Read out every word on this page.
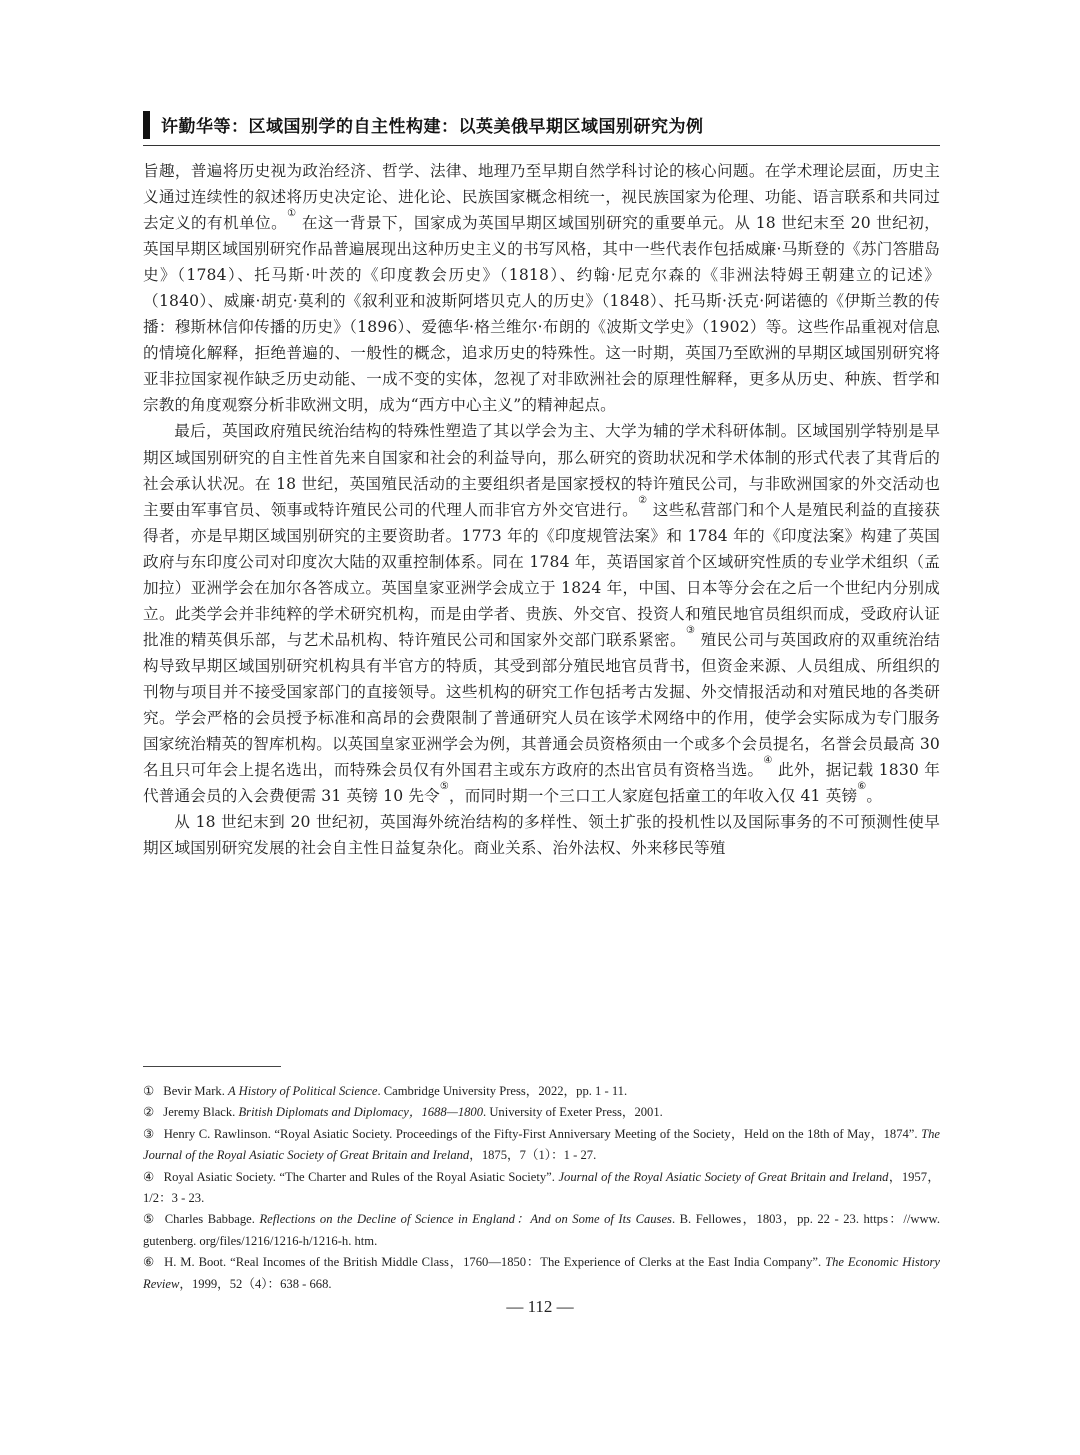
许勤华等：区域国别学的自主性构建：以英美俄早期区域国别研究为例

旨趣，普遍将历史视为政治经济、哲学、法律、地理乃至早期自然学科讨论的核心问题。在学术理论层面，历史主义通过连续性的叙述将历史决定论、进化论、民族国家概念相统一，视民族国家为伦理、功能、语言联系和共同过去定义的有机单位。① 在这一背景下，国家成为英国早期区域国别研究的重要单元。从 18 世纪末至 20 世纪初，英国早期区域国别研究作品普遍展现出这种历史主义的书写风格，其中一些代表作包括威廉·马斯登的《苏门答腊岛史》（1784）、托马斯·叶茨的《印度教会历史》（1818）、约翰·尼克尔森的《非洲法特姆王朝建立的记述》（1840）、威廉·胡克·莫利的《叙利亚和波斯阿塔贝克人的历史》（1848）、托马斯·沃克·阿诺德的《伊斯兰教的传播：穆斯林信仰传播的历史》（1896）、爱德华·格兰维尔·布朗的《波斯文学史》（1902）等。这些作品重视对信息的情境化解释，拒绝普遍的、一般性的概念，追求历史的特殊性。这一时期，英国乃至欧洲的早期区域国别研究将亚非拉国家视作缺乏历史动能、一成不变的实体，忽视了对非欧洲社会的原理性解释，更多从历史、种族、哲学和宗教的角度观察分析非欧洲文明，成为“西方中心主义”的精神起点。

最后，英国政府殖民统治结构的特殊性塑造了其以学会为主、大学为辅的学术科研体制。区域国别学特别是早期区域国别研究的自主性首先来自国家和社会的利益导向，那么研究的资助状况和学术体制的形式代表了其背后的社会承认状况。在 18 世纪，英国殖民活动的主要组织者是国家授权的特许殖民公司，与非欧洲国家的外交活动也主要由军事官员、领事或特许殖民公司的代理人而非官方外交官进行。② 这些私营部门和个人是殖民利益的直接获得者，亦是早期区域国别研究的主要资助者。1773 年的《印度规管法案》和 1784 年的《印度法案》构建了英国政府与东印度公司对印度次大陆的双重控制体系。同在 1784 年，英语国家首个区域研究性质的专业学术组织（孟加拉）亚洲学会在加尔各答成立。英国皇家亚洲学会成立于 1824 年，中国、日本等分会在之后一个世纪内分别成立。此类学会并非纯粹的学术研究机构，而是由学者、贵族、外交官、投资人和殖民地官员组织而成，受政府认证批准的精英俱乐部，与艺术品机构、特许殖民公司和国家外交部门联系紧密。③ 殖民公司与英国政府的双重统治结构导致早期区域国别研究机构具有半官方的特质，其受到部分殖民地官员背书，但资金来源、人员组成、所组织的刊物与项目并不接受国家部门的直接领导。这些机构的研究工作包括考古发掘、外交情报活动和对殖民地的各类研究。学会严格的会员授予标准和高昂的会费限制了普通研究人员在该学术网络中的作用，使学会实际成为专门服务国家统治精英的智库机构。以英国皇家亚洲学会为例，其普通会员资格须由一个或多个会员提名，名誉会员最高 30 名且只可年会上提名选出，而特殊会员仅有外国君主或东方政府的杰出官员有资格当选。④ 此外，据记载 1830 年代普通会员的入会费便需 31 英镑 10 先令⑤，而同时期一个三口工人家庭包括童工的年收入仅 41 英镑⑥。

从 18 世纪末到 20 世纪初，英国海外统治结构的多样性、领土扩张的投机性以及国际事务的不可预测性使早期区域国别研究发展的社会自主性日益复杂化。商业关系、治外法权、外来移民等殖

① Bevir Mark. A History of Political Science. Cambridge University Press，2022，pp. 1 - 11.

② Jeremy Black. British Diplomats and Diplomacy，1688—1800. University of Exeter Press，2001.

③ Henry C. Rawlinson. “Royal Asiatic Society. Proceedings of the Fifty-First Anniversary Meeting of the Society，Held on the 18th of May，1874”. The Journal of the Royal Asiatic Society of Great Britain and Ireland，1875，7（1）：1 - 27.

④ Royal Asiatic Society. “The Charter and Rules of the Royal Asiatic Society”. Journal of the Royal Asiatic Society of Great Britain and Ireland，1957，1/2：3 - 23.

⑤ Charles Babbage. Reflections on the Decline of Science in England：And on Some of Its Causes. B. Fellowes，1803，pp. 22 - 23. https：//www. gutenberg. org/files/1216/1216-h/1216-h. htm.

⑥ H. M. Boot. “Real Incomes of the British Middle Class，1760—1850：The Experience of Clerks at the East India Company”. The Economic History Review，1999，52（4）：638 - 668.

— 112 —
